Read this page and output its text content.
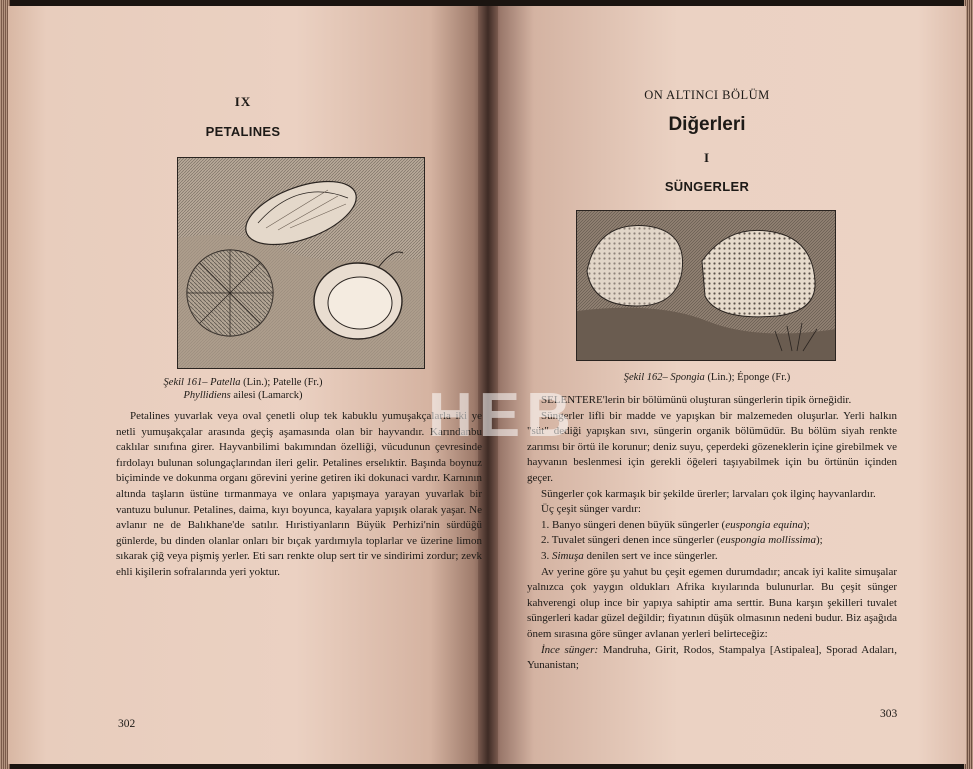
IX
PETALINES
Şekil 161– Patella (Lin.); Patelle (Fr.)
Phyllidiens ailesi (Lamarck)

Petalines yuvarlak veya oval çenetli olup tek kabuklu yumuşakçalarla iki ye netli yumuşakçalar arasında geçiş aşamasında olan bir hayvandır. Karındanbu caklılar sınıfına girer. Hayvanbilimi bakımından özelliği, vücudunun çevresinde fırdolayı bulunan solungaçlarından ileri gelir. Petalines erselıktir. Başında boynuz biçiminde ve dokunma organı görevini yerine getiren iki dokunaci vardır. Karnının altında taşların üstüne tırmanmaya ve onlara yapışmaya yarayan yuvarlak bir vantuzu bulunur. Petalines, daima, kıyı boyunca, kayalara yapışık olarak yaşar. Ne avlanır ne de Balıkhane'de satılır. Hıristiyanların Büyük Perhizi'nin sürdüğü günlerde, bu dinden olanlar onları bir bıçak yardımıyla toplarlar ve üzerine limon sıkarak çiğ veya pişmiş yerler. Eti sarı renkte olup sert tir ve sindirimi zordur; zevk ehli kişilerin sofralarında yeri yoktur.

302
ON ALTINCI BÖLÜM
Diğerleri
I
SÜNGERLER
Şekil 162– Spongia (Lin.); Éponge (Fr.)

SELENTERE'lerin bir bölümünü oluşturan süngerlerin tipik örneğidir.

Süngerler lifli bir madde ve yapışkan bir malzemeden oluşurlar. Yerli halkın "süt" dediği yapışkan sıvı, süngerin organik bölümüdür. Bu bölüm siyah renkte zarımsı bir örtü ile korunur; deniz suyu, çeperdeki gözeneklerin içine girebilmek ve hayvanın beslenmesi için gerekli öğeleri taşıyabilmek için bu örtünün içinden geçer.

Süngerler çok karmaşık bir şekilde ürerler; larvaları çok ilginç hayvanlardır.

Üç çeşit sünger vardır:

1. Banyo süngeri denen büyük süngerler (euspongia equina);

2. Tuvalet süngeri denen ince süngerler (euspongia mollissima);

3. Simuşa denilen sert ve ince süngerler.

Av yerine göre şu yahut bu çeşit egemen durumdadır; ancak iyi kalite simuşalar yalnızca çok yaygın oldukları Afrika kıyılarında bulunurlar. Bu çeşit sünger kahverengi olup ince bir yapıya sahiptir ama serttir. Buna karşın şekilleri tuvalet süngerleri kadar güzel değildir; fiyatının düşük olmasının nedeni budur. Biz aşağıda önem sırasına göre sünger avlanan yerleri belirteceğiz:

İnce sünger: Mandruha, Girit, Rodos, Stampalya [Astipalea], Sporad Adaları, Yunanistan;

303
HEB
